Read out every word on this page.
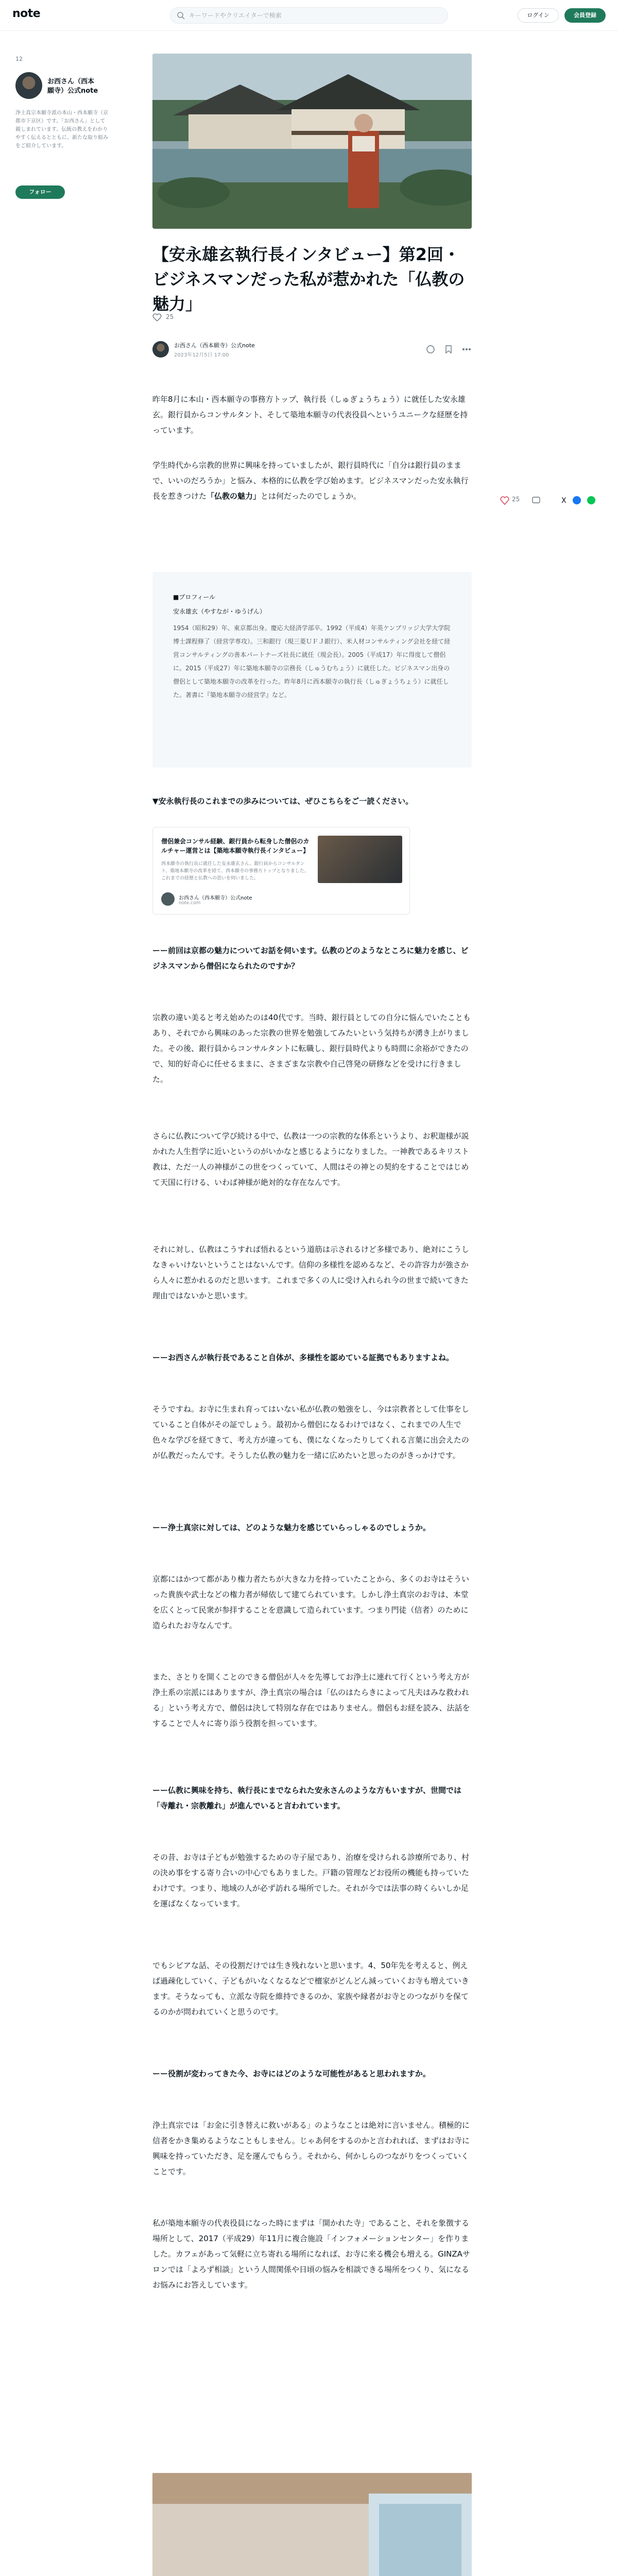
note
キーワードやクリエイターで検索	ログイン	会員登録
12
お西さん（西本願寺）公式note
浄土真宗本願寺派の本山・西本願寺（京都市下京区）です。「お西さん」として親しまれています。伝統の教えをわかりやすく伝えるとともに、新たな取り組みをご紹介しています。
フォロー
【安永雄玄執行長インタビュー】第2回・ビジネスマンだった私が惹かれた「仏教の魅力」
25
お西さん（西本願寺）公式note
2023年12月5日 17:00
X
25
昨年8月に本山・西本願寺の事務方トップ、執行長（しゅぎょうちょう）に就任した安永雄玄。銀行員からコンサルタント、そして築地本願寺の代表役員へというユニークな経歴を持っています。
学生時代から宗教的世界に興味を持っていましたが、銀行員時代に「自分は銀行員のままで、いいのだろうか」と悩み、本格的に仏教を学び始めます。ビジネスマンだった安永執行長を惹きつけた「仏教の魅力」とは何だったのでしょうか。
■プロフィール
安永雄玄（やすなが・ゆうげん）
1954（昭和29）年、東京都出身。慶応大経済学部卒。1992（平成4）年英ケンブリッジ大学大学院博士課程修了（経営学専攻）。三和銀行（現三菱ＵＦＪ銀行）、米人材コンサルティング会社を経て経営コンサルティングの善本パートナーズ社長に就任（現会長）。2005（平成17）年に得度して僧侶に。2015（平成27）年に築地本願寺の宗務長（しゅうむちょう）に就任した。ビジネスマン出身の僧侶として築地本願寺の改革を行った。昨年8月に西本願寺の執行長（しゅぎょうちょう）に就任した。著書に『築地本願寺の経営学』など。
▼安永執行長のこれまでの歩みについては、ぜひこちらをご一読ください。
僧侶兼会コンサル経験、銀行員から転身した僧侶のカルチャー運営とは【築地本願寺執行長インタビュー】
西本願寺の執行長に就任した安永雄玄さん。銀行員からコンサルタント、築地本願寺の改革を経て、西本願寺の事務方トップとなりました。これまでの経歴と仏教への思いを伺いました。
お西さん（西本願寺）公式note
note.com
ーー前回は京都の魅力についてお話を伺います。仏教のどのようなところに魅力を感じ、ビジネスマンから僧侶になられたのですか？
宗教の違い美ると考え始めたのは40代です。当時、銀行員としての自分に悩んでいたこともあり、それでから興味のあった宗教の世界を勉強してみたいという気持ちが湧き上がりました。その後、銀行員からコンサルタントに転職し、銀行員時代よりも時間に余裕ができたので、知的好奇心に任せるままに、さまざまな宗教や自己啓発の研修などを受けに行きました。
さらに仏教について学び続ける中で、仏教は一つの宗教的な体系というより、お釈迦様が説かれた人生哲学に近いというのがいかなと感じるようになりました。一神教であるキリスト教は、ただ一人の神様がこの世をつくっていて、人間はその神との契約をすることではじめて天国に行ける、いわば神様が絶対的な存在なんです。
それに対し、仏教はこうすれば悟れるという道筋は示されるけど多様であり、絶対にこうしなきゃいけないということはないんです。信仰の多様性を認めるなど、その許容力が強さから人々に惹かれるのだと思います。これまで多くの人に受け入れられ今の世まで続いてきた理由ではないかと思います。
ーーお西さんが執行長であること自体が、多様性を認めている証拠でもありますよね。
そうですね。お寺に生まれ育ってはいない私が仏教の勉強をし、今は宗教者として仕事をしていること自体がその証でしょう。最初から僧侶になるわけではなく、これまでの人生で色々な学びを経てきて、考え方が違っても、僕になくなったりしてくれる言葉に出会えたのが仏教だったんです。そうした仏教の魅力を一緒に広めたいと思ったのがきっかけです。
ーー浄土真宗に対しては、どのような魅力を感じていらっしゃるのでしょうか。
京都にはかつて都があり権力者たちが大きな力を持っていたことから、多くのお寺はそういった貴族や武士などの権力者が帰依して建てられています。しかし浄土真宗のお寺は、本堂を広くとって民衆が参拝することを意識して造られています。つまり門徒（信者）のために造られたお寺なんです。
また、さとりを開くことのできる僧侶が人々を先導してお浄土に連れて行くという考え方が浄土系の宗派にはありますが、浄土真宗の場合は「仏のはたらきによって凡夫はみな救われる」という考え方で、僧侶は決して特別な存在ではありません。僧侶もお経を読み、法話をすることで人々に寄り添う役割を担っています。
ーー仏教に興味を持ち、執行長にまでなられた安永さんのような方もいますが、世間では「寺離れ・宗教離れ」が進んでいると言われています。
その昔、お寺は子どもが勉強するための寺子屋であり、治療を受けられる診療所であり、村の決め事をする寄り合いの中心でもありました。戸籍の管理などお役所の機能も持っていたわけです。つまり、地域の人が必ず訪れる場所でした。それが今では法事の時くらいしか足を運ばなくなっています。
でもシビアな話、その役割だけでは生き残れないと思います。4、50年先を考えると、例えば過疎化していく、子どもがいなくなるなどで檀家がどんどん減っていくお寺も増えていきます。そうなっても、立派な寺院を維持できるのか、家族や縁者がお寺とのつながりを保てるのかが問われていくと思うのです。
ーー役割が変わってきた今、お寺にはどのような可能性があると思われますか。
浄土真宗では「お金に引き替えに救いがある」のようなことは絶対に言いません。積極的に信者をかき集めるようなこともしません。じゃあ何をするのかと言われれば、まずはお寺に興味を持っていただき、足を運んでもらう。それから、何かしらのつながりをつくっていくことです。
私が築地本願寺の代表役員になった時にまずは「開かれた寺」であること、それを象徴する場所として、2017（平成29）年11月に複合施設「インフォメーションセンター」を作りました。カフェがあって気軽に立ち寄れる場所になれば、お寺に来る機会も増える。GINZAサロンでは「よろず相談」という人間関係や日頃の悩みを相談できる場所をつくり、気になるお悩みにお答えしています。
